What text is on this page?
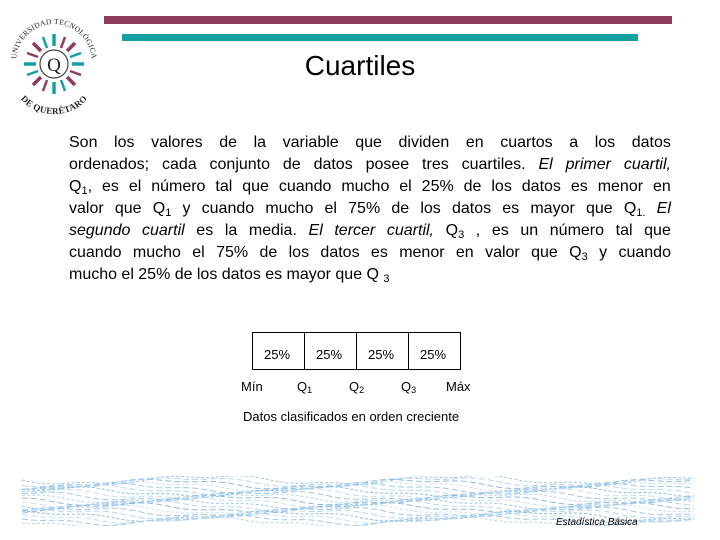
UNIVERSIDAD TECNOLÓGICA
Q
DE QUERÉTARO
Cuartiles
Son los valores de la variable que dividen en cuartos a los datos
ordenados; cada conjunto de datos posee tres cuartiles. El primer cuartil,
$Q_1$, es el número tal que cuando mucho el 25% de los datos es menor en
valor que $Q_1$ y cuando mucho el 75% de los datos es mayor que $Q_{1.}$ El
segundo cuartil es la media. El tercer cuartil, $Q_3$ , es un número tal que
cuando mucho el 75% de los datos es menor en valor que $Q_3$ y cuando
mucho el 25% de los datos es mayor que Q $_3$
25% 25% 25% 25%
Mín	$Q_1$	$Q_2$	$Q_3$ Máx
Datos clasificados en orden creciente
Estadística Básica
